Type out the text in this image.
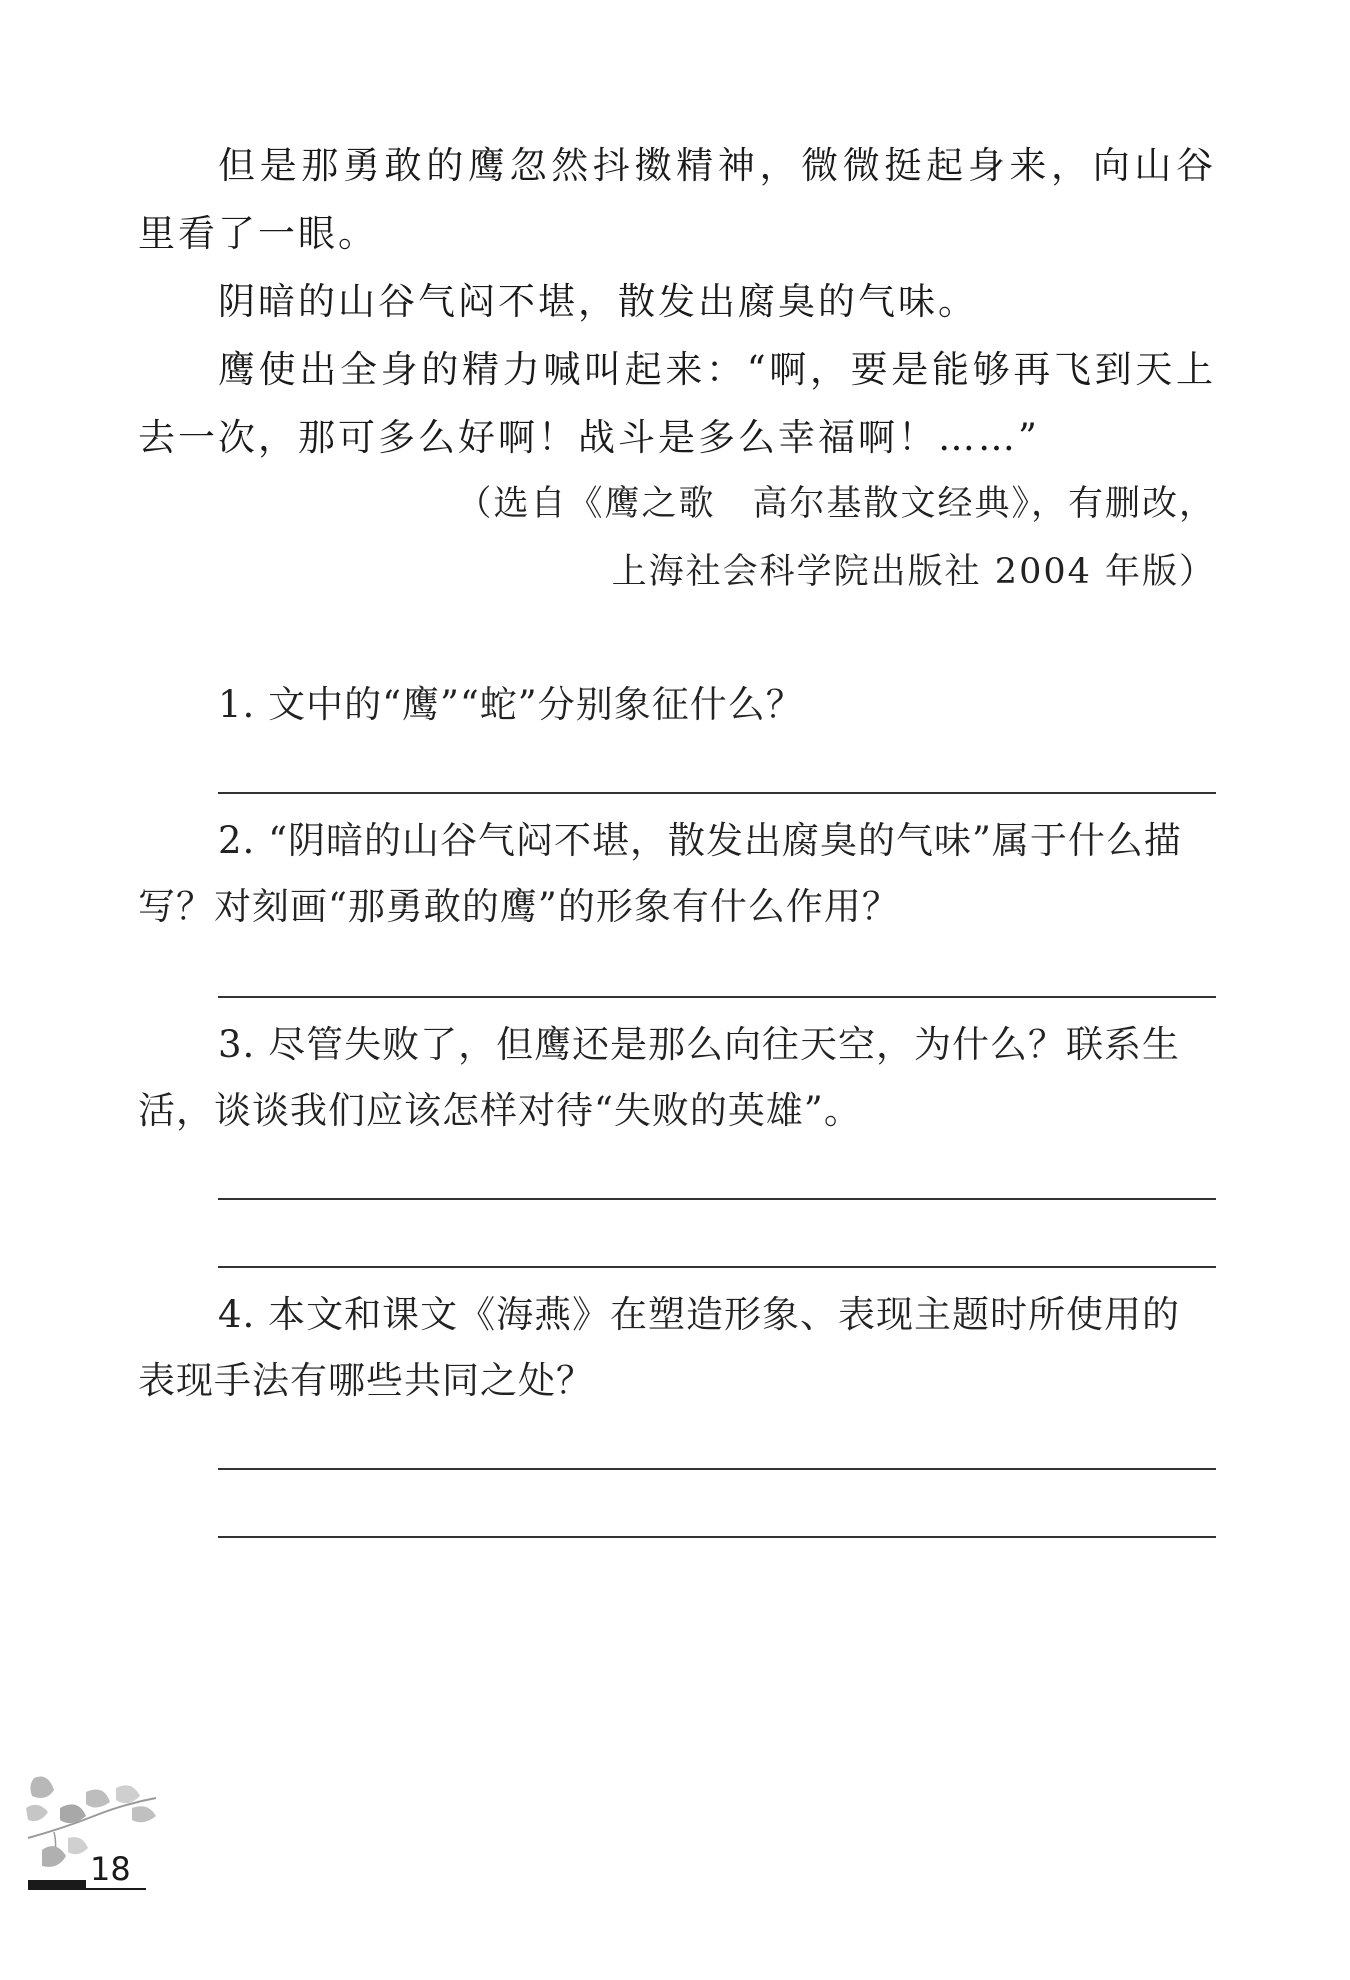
但是那勇敢的鹰忽然抖擞精神，微微挺起身来，向山谷里看了一眼。

阴暗的山谷气闷不堪，散发出腐臭的气味。

鹰使出全身的精力喊叫起来：“啊，要是能够再飞到天上去一次，那可多么好啊！战斗是多么幸福啊！……”

（选自《鹰之歌　高尔基散文经典》，有删改，
上海社会科学院出版社 2004 年版）

1. 文中的“鹰”“蛇”分别象征什么？

2. “阴暗的山谷气闷不堪，散发出腐臭的气味”属于什么描写？对刻画“那勇敢的鹰”的形象有什么作用？

3. 尽管失败了，但鹰还是那么向往天空，为什么？联系生活，谈谈我们应该怎样对待“失败的英雄”。

4. 本文和课文《海燕》在塑造形象、表现主题时所使用的表现手法有哪些共同之处？

18
